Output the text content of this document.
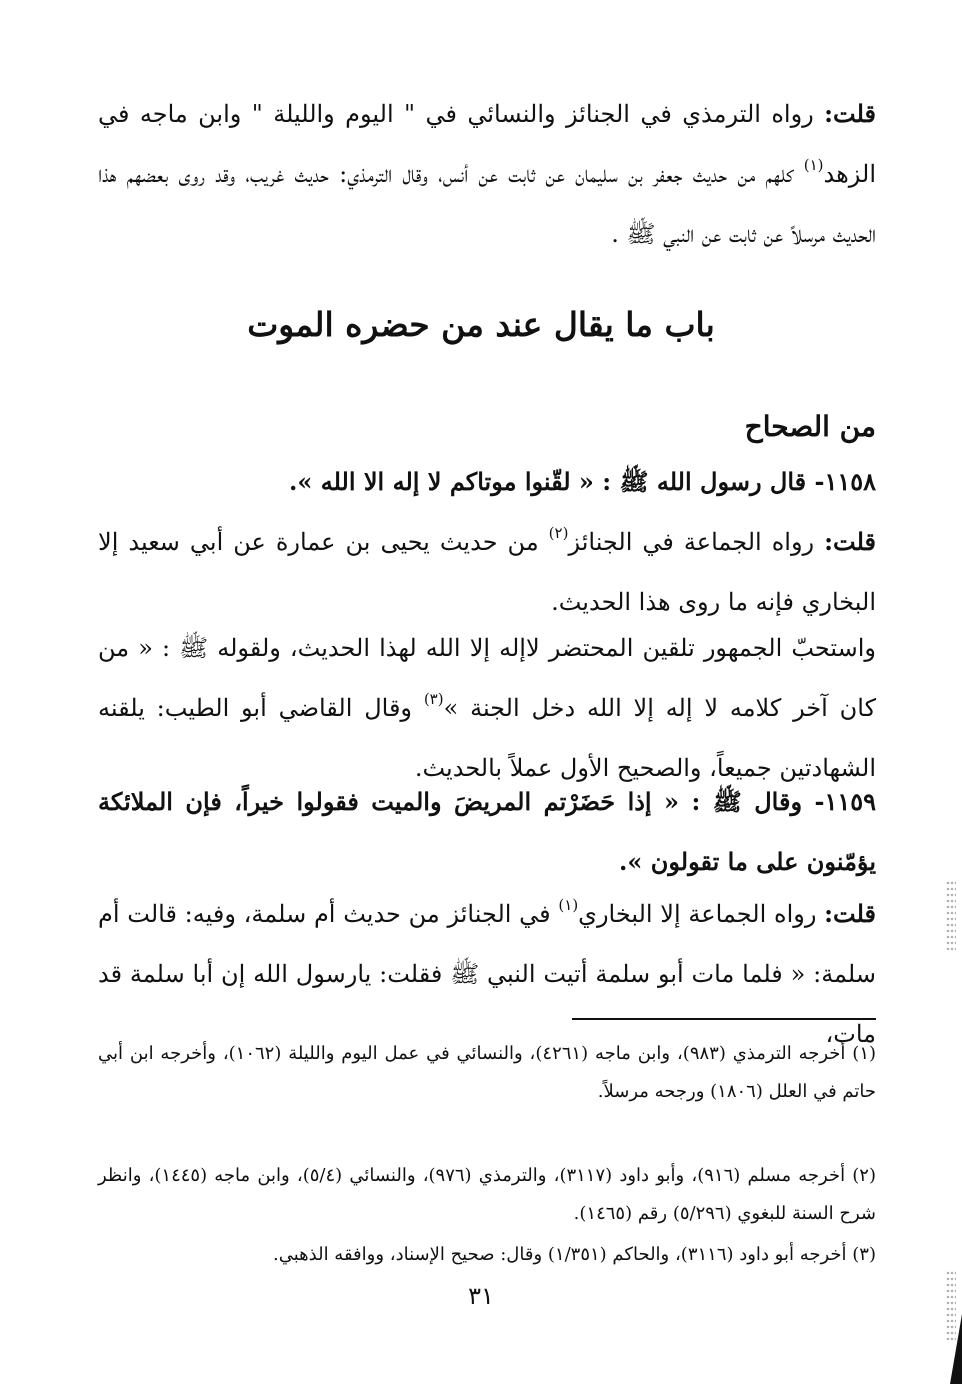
قلت: رواه الترمذي في الجنائز والنسائي في " اليوم والليلة " وابن ماجه في الزهد$^{(١)}$ كلهم من حديث جعفر بن سليمان عن ثابت عن أنس، وقال الترمذي: حديث غريب، وقد روى بعضهم هذا الحديث مرسلاً عن ثابت عن النبي ﷺ .

باب ما يقال عند من حضره الموت
من الصحاح

١١٥٨- قال رسول الله ﷺ : « لقّنوا موتاكم لا إله الا الله ».

قلت: رواه الجماعة في الجنائز$^{(٢)}$ من حديث يحيى بن عمارة عن أبي سعيد إلا البخاري فإنه ما روى هذا الحديث.

واستحبّ الجمهور تلقين المحتضر لاإله إلا الله لهذا الحديث، ولقوله ﷺ : « من كان آخر كلامه لا إله إلا الله دخل الجنة »$^{(٣)}$ وقال القاضي أبو الطيب: يلقنه الشهادتين جميعاً، والصحيح الأول عملاً بالحديث.

١١٥٩- وقال ﷺ : « إذا حَضَرْتم المريضَ والميت فقولوا خيراً، فإن الملائكة يؤمّنون على ما تقولون ».

قلت: رواه الجماعة إلا البخاري$^{(١)}$ في الجنائز من حديث أم سلمة، وفيه: قالت أم سلمة: « فلما مات أبو سلمة أتيت النبي ﷺ فقلت: يارسول الله إن أبا سلمة قد مات،

(١) أخرجه الترمذي (٩٨٣)، وابن ماجه (٤٢٦١)، والنسائي في عمل اليوم والليلة (١٠٦٢)، وأخرجه ابن أبي حاتم في العلل (١٨٠٦) ورجحه مرسلاً.

(٢) أخرجه مسلم (٩١٦)، وأبو داود (٣١١٧)، والترمذي (٩٧٦)، والنسائي (٥/٤)، وابن ماجه (١٤٤٥)، وانظر شرح السنة للبغوي (٥/٢٩٦) رقم (١٤٦٥).

(٣) أخرجه أبو داود (٣١١٦)، والحاكم (١/٣٥١) وقال: صحيح الإسناد، ووافقه الذهبي.

٣١
